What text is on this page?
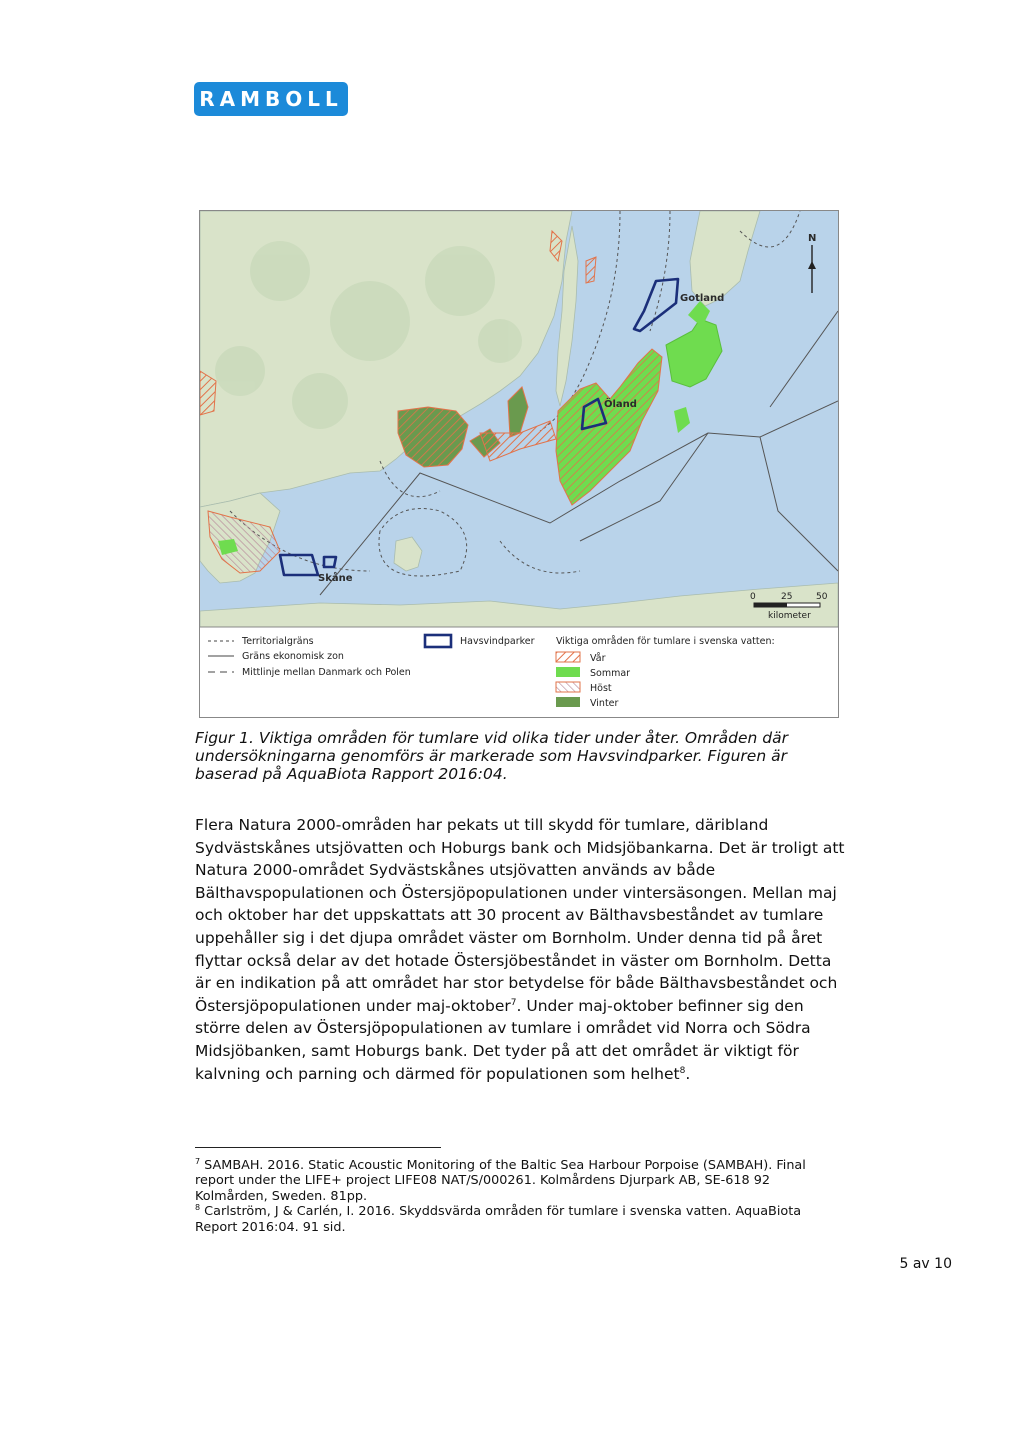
RAMBOLL
Gotland
Öland
Skåne
N
0	25	50
kilometer
Territorialgräns
Gräns ekonomisk zon
Mittlinje mellan Danmark och Polen
Havsvindparker Viktiga områden för tumlare i svenska vatten:
Vår
Sommar
Höst
Vinter
Figur 1. Viktiga områden för tumlare vid olika tider under åter. Områden där undersökningarna genomförs är markerade som Havsvindparker. Figuren är baserad på AquaBiota Rapport 2016:04.
Flera Natura 2000-områden har pekats ut till skydd för tumlare, däribland Sydvästskånes utsjövatten och Hoburgs bank och Midsjöbankarna. Det är troligt att Natura 2000-området Sydvästskånes utsjövatten används av både Bälthavspopulationen och Östersjöpopulationen under vintersäsongen. Mellan maj och oktober har det uppskattats att 30 procent av Bälthavsbeståndet av tumlare uppehåller sig i det djupa området väster om Bornholm. Under denna tid på året flyttar också delar av det hotade Östersjöbeståndet in väster om Bornholm. Detta är en indikation på att området har stor betydelse för både Bälthavsbeståndet och Östersjöpopulationen under maj-oktober$^7$. Under maj-oktober befinner sig den större delen av Östersjöpopulationen av tumlare i området vid Norra och Södra Midsjöbanken, samt Hoburgs bank. Det tyder på att det området är viktigt för kalvning och parning och därmed för populationen som helhet$^8$.

$^7$ SAMBAH. 2016. Static Acoustic Monitoring of the Baltic Sea Harbour Porpoise (SAMBAH). Final report under the LIFE+ project LIFE08 NAT/S/000261. Kolmårdens Djurpark AB, SE-618 92 Kolmården, Sweden. 81pp.

$^8$ Carlström, J & Carlén, I. 2016. Skyddsvärda områden för tumlare i svenska vatten. AquaBiota Report 2016:04. 91 sid.

5 av 10
